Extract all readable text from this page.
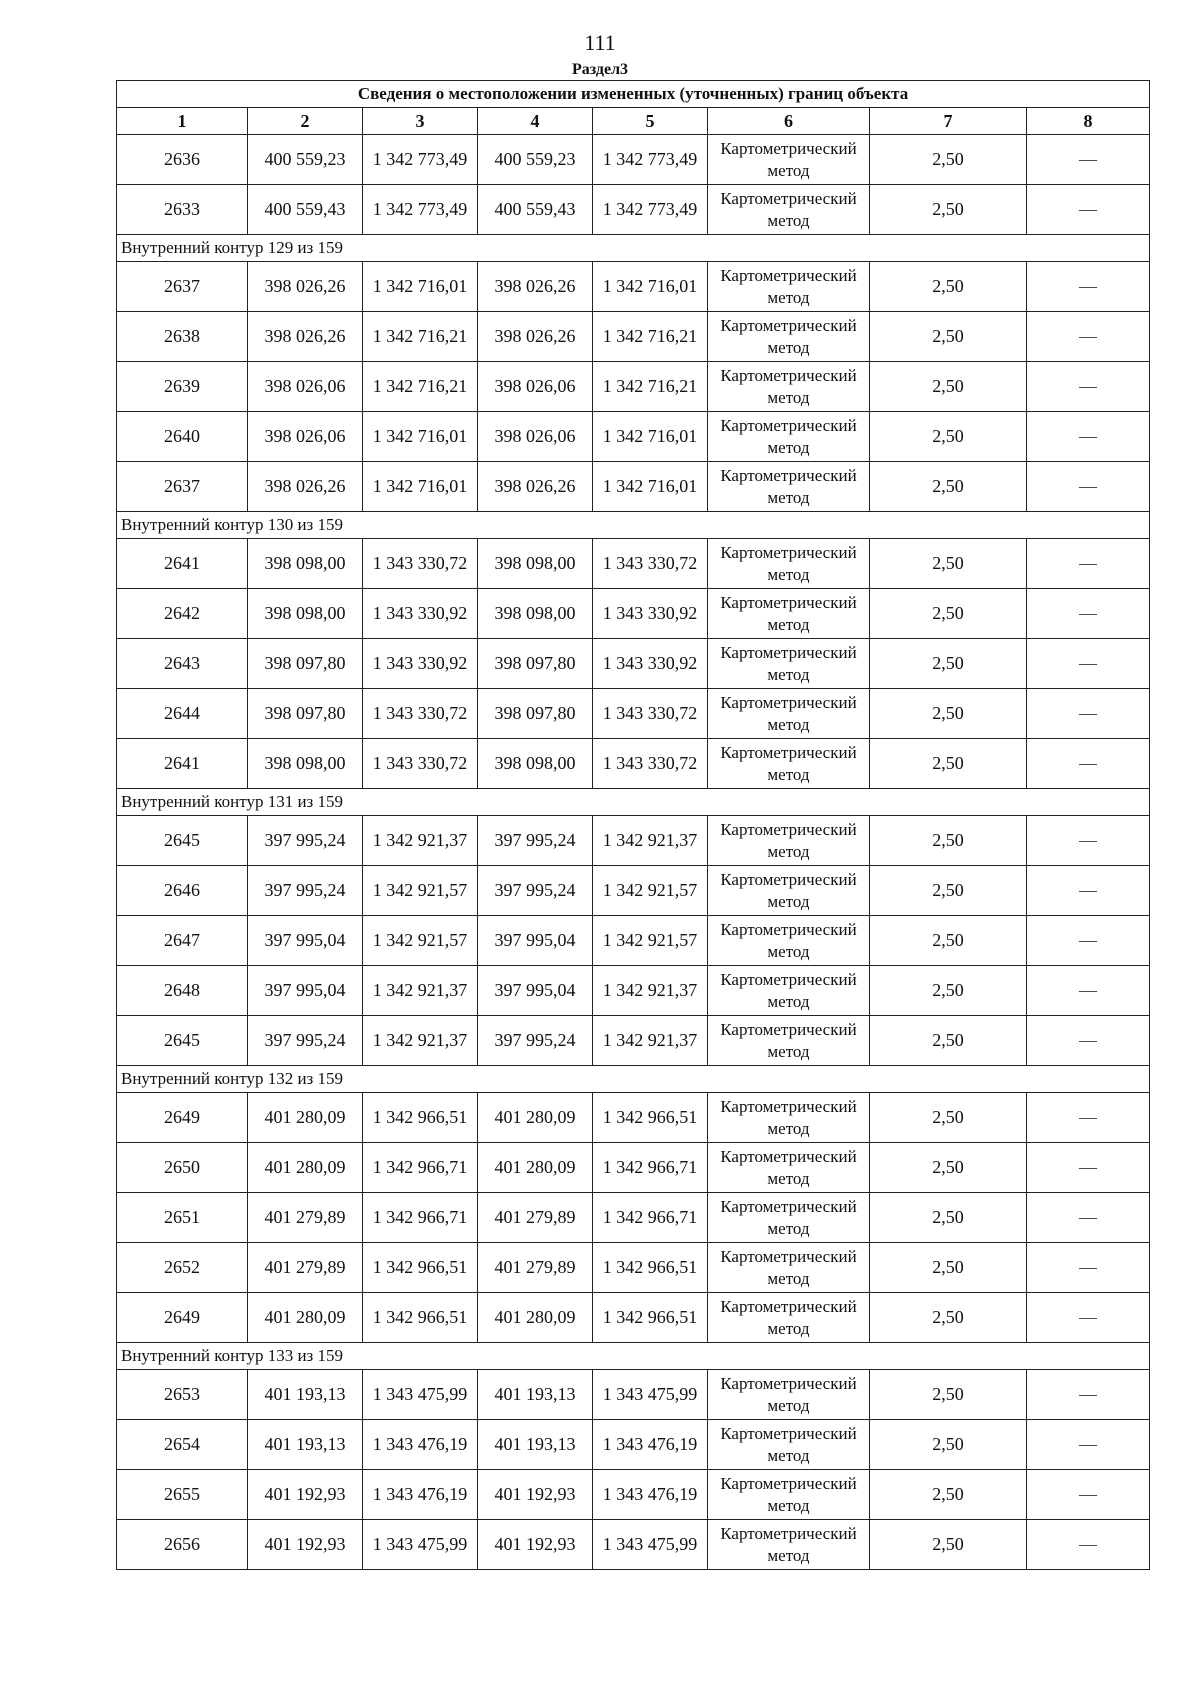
111
Раздел3
Сведения о местоположении измененных (уточненных) границ объекта							
1	2	3	4	5	6	7	8
2636	400 559,23	1 342 773,49	400 559,23	1 342 773,49	Картометрический метод	2,50	—
2633	400 559,43	1 342 773,49	400 559,43	1 342 773,49	Картометрический метод	2,50	—
Внутренний контур 129 из 159							
2637	398 026,26	1 342 716,01	398 026,26	1 342 716,01	Картометрический метод	2,50	—
2638	398 026,26	1 342 716,21	398 026,26	1 342 716,21	Картометрический метод	2,50	—
2639	398 026,06	1 342 716,21	398 026,06	1 342 716,21	Картометрический метод	2,50	—
2640	398 026,06	1 342 716,01	398 026,06	1 342 716,01	Картометрический метод	2,50	—
2637	398 026,26	1 342 716,01	398 026,26	1 342 716,01	Картометрический метод	2,50	—
Внутренний контур 130 из 159							
2641	398 098,00	1 343 330,72	398 098,00	1 343 330,72	Картометрический метод	2,50	—
2642	398 098,00	1 343 330,92	398 098,00	1 343 330,92	Картометрический метод	2,50	—
2643	398 097,80	1 343 330,92	398 097,80	1 343 330,92	Картометрический метод	2,50	—
2644	398 097,80	1 343 330,72	398 097,80	1 343 330,72	Картометрический метод	2,50	—
2641	398 098,00	1 343 330,72	398 098,00	1 343 330,72	Картометрический метод	2,50	—
Внутренний контур 131 из 159							
2645	397 995,24	1 342 921,37	397 995,24	1 342 921,37	Картометрический метод	2,50	—
2646	397 995,24	1 342 921,57	397 995,24	1 342 921,57	Картометрический метод	2,50	—
2647	397 995,04	1 342 921,57	397 995,04	1 342 921,57	Картометрический метод	2,50	—
2648	397 995,04	1 342 921,37	397 995,04	1 342 921,37	Картометрический метод	2,50	—
2645	397 995,24	1 342 921,37	397 995,24	1 342 921,37	Картометрический метод	2,50	—
Внутренний контур 132 из 159							
2649	401 280,09	1 342 966,51	401 280,09	1 342 966,51	Картометрический метод	2,50	—
2650	401 280,09	1 342 966,71	401 280,09	1 342 966,71	Картометрический метод	2,50	—
2651	401 279,89	1 342 966,71	401 279,89	1 342 966,71	Картометрический метод	2,50	—
2652	401 279,89	1 342 966,51	401 279,89	1 342 966,51	Картометрический метод	2,50	—
2649	401 280,09	1 342 966,51	401 280,09	1 342 966,51	Картометрический метод	2,50	—
Внутренний контур 133 из 159							
2653	401 193,13	1 343 475,99	401 193,13	1 343 475,99	Картометрический метод	2,50	—
2654	401 193,13	1 343 476,19	401 193,13	1 343 476,19	Картометрический метод	2,50	—
2655	401 192,93	1 343 476,19	401 192,93	1 343 476,19	Картометрический метод	2,50	—
2656	401 192,93	1 343 475,99	401 192,93	1 343 475,99	Картометрический метод	2,50	—
